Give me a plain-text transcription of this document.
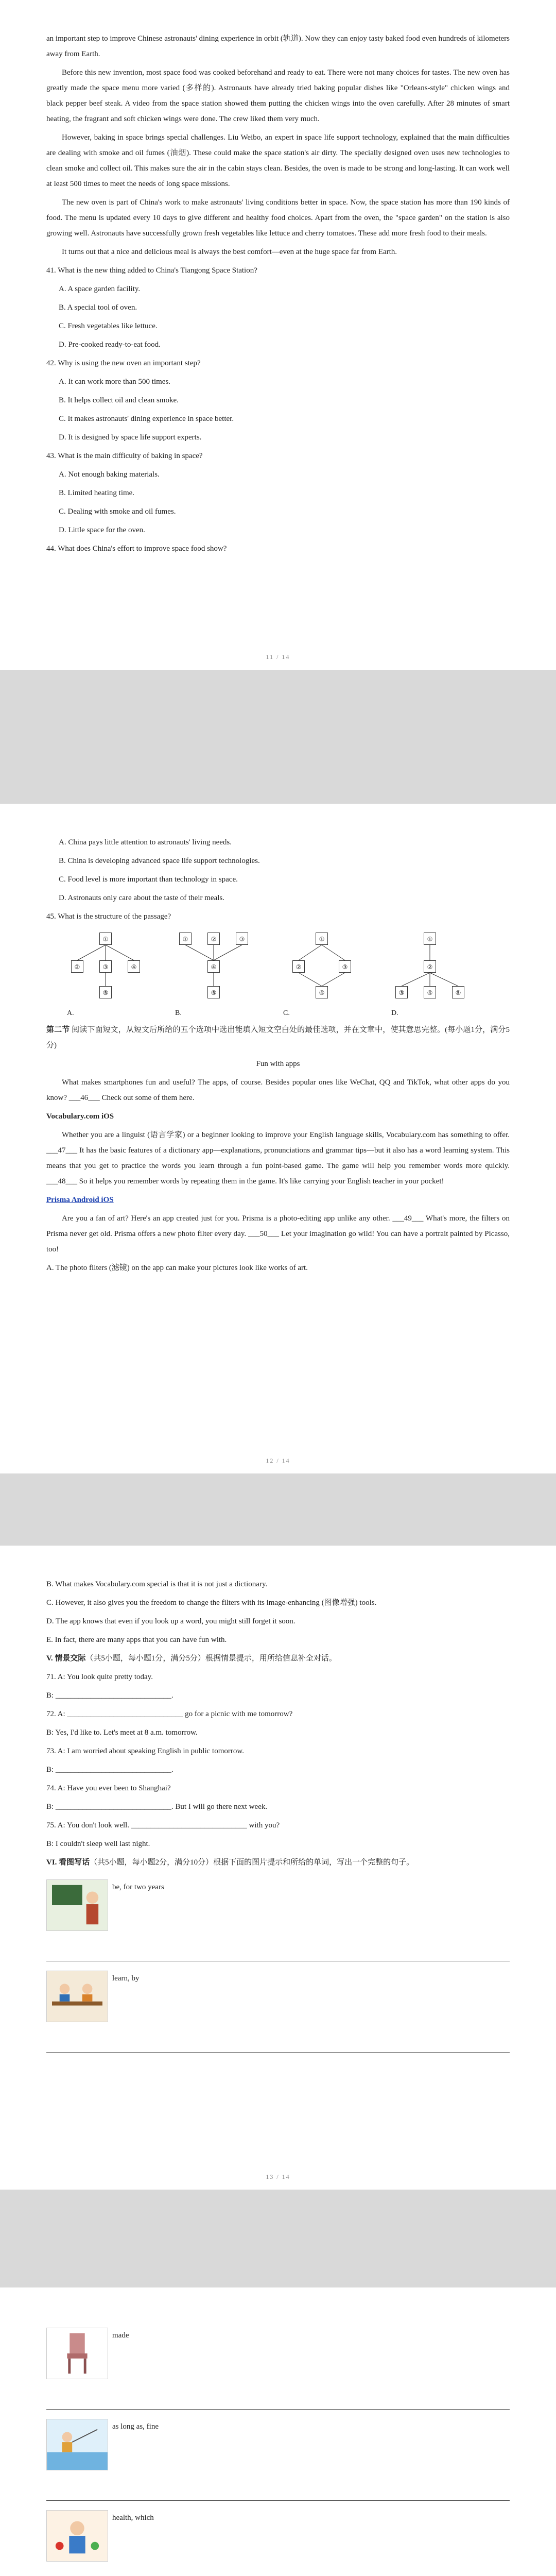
an important step to improve Chinese astronauts' dining experience in orbit (轨道). Now they can enjoy tasty baked food even hundreds of kilometers away from Earth.

Before this new invention, most space food was cooked beforehand and ready to eat. There were not many choices for tastes. The new oven has greatly made the space menu more varied (多样的). Astronauts have already tried baking popular dishes like "Orleans-style" chicken wings and black pepper beef steak. A video from the space station showed them putting the chicken wings into the oven carefully. After 28 minutes of smart heating, the fragrant and soft chicken wings were done. The crew liked them very much.

However, baking in space brings special challenges. Liu Weibo, an expert in space life support technology, explained that the main difficulties are dealing with smoke and oil fumes (油烟). These could make the space station's air dirty. The specially designed oven uses new technologies to clean smoke and collect oil. This makes sure the air in the cabin stays clean. Besides, the oven is made to be strong and long-lasting. It can work well at least 500 times to meet the needs of long space missions.

The new oven is part of China's work to make astronauts' living conditions better in space. Now, the space station has more than 190 kinds of food. The menu is updated every 10 days to give different and healthy food choices. Apart from the oven, the "space garden" on the station is also growing well. Astronauts have successfully grown fresh vegetables like lettuce and cherry tomatoes. These add more fresh food to their meals.

It turns out that a nice and delicious meal is always the best comfort—even at the huge space far from Earth.

41. What is the new thing added to China's Tiangong Space Station?

A. A space garden facility.

B. A special tool of oven.

C. Fresh vegetables like lettuce.

D. Pre-cooked ready-to-eat food.

42. Why is using the new oven an important step?

A. It can work more than 500 times.

B. It helps collect oil and clean smoke.

C. It makes astronauts' dining experience in space better.

D. It is designed by space life support experts.

43. What is the main difficulty of baking in space?

A. Not enough baking materials.

B. Limited heating time.

C. Dealing with smoke and oil fumes.

D. Little space for the oven.

44. What does China's effort to improve space food show?

11 / 14

A. China pays little attention to astronauts' living needs.

B. China is developing advanced space life support technologies.

C. Food level is more important than technology in space.

D. Astronauts only care about the taste of their meals.

45. What is the structure of the passage?

①
②	③	④
⑤
A.
①	②	③
④
⑤
B.
①
②	③
④
C.
①
②
③	④	⑤
D.

第二节 阅读下面短文，从短文后所给的五个选项中选出能填入短文空白处的最佳选项，并在文章中，使其意思完整。(每小题1分，满分5分)

Fun with apps

What makes smartphones fun and useful? The apps, of course. Besides popular ones like WeChat, QQ and TikTok, what other apps do you know? ___46___ Check out some of them here.

Vocabulary.com iOS

Whether you are a linguist (语言学家) or a beginner looking to improve your English language skills, Vocabulary.com has something to offer. ___47___ It has the basic features of a dictionary app—explanations, pronunciations and grammar tips—but it also has a word learning system. This means that you get to practice the words you learn through a fun point-based game. The game will help you remember words more quickly. ___48___ So it helps you remember words by repeating them in the game. It's like carrying your English teacher in your pocket!

Prisma Android iOS

Are you a fan of art? Here's an app created just for you. Prisma is a photo-editing app unlike any other. ___49___ What's more, the filters on Prisma never get old. Prisma offers a new photo filter every day. ___50___ Let your imagination go wild! You can have a portrait painted by Picasso, too!

A. The photo filters (滤镜) on the app can make your pictures look like works of art.

12 / 14

B. What makes Vocabulary.com special is that it is not just a dictionary.

C. However, it also gives you the freedom to change the filters with its image-enhancing (图像增强) tools.

D. The app knows that even if you look up a word, you might still forget it soon.

E. In fact, there are many apps that you can have fun with.

V. 情景交际（共5小题，每小题1分，满分5分）根据情景提示，用所给信息补全对话。

71. A: You look quite pretty today.

B: ______________________________.

72. A: ______________________________ go for a picnic with me tomorrow?

B: Yes, I'd like to. Let's meet at 8 a.m. tomorrow.

73. A: I am worried about speaking English in public tomorrow.

B: ______________________________.

74. A: Have you ever been to Shanghai?

B: ______________________________. But I will go there next week.

75. A: You don't look well. ______________________________ with you?

B: I couldn't sleep well last night.

VI. 看图写话（共5小题，每小题2分，满分10分）根据下面的图片提示和所给的单词，写出一个完整的句子。

be, for two years
learn, by
13 / 14
made
as long as, fine
health, which
